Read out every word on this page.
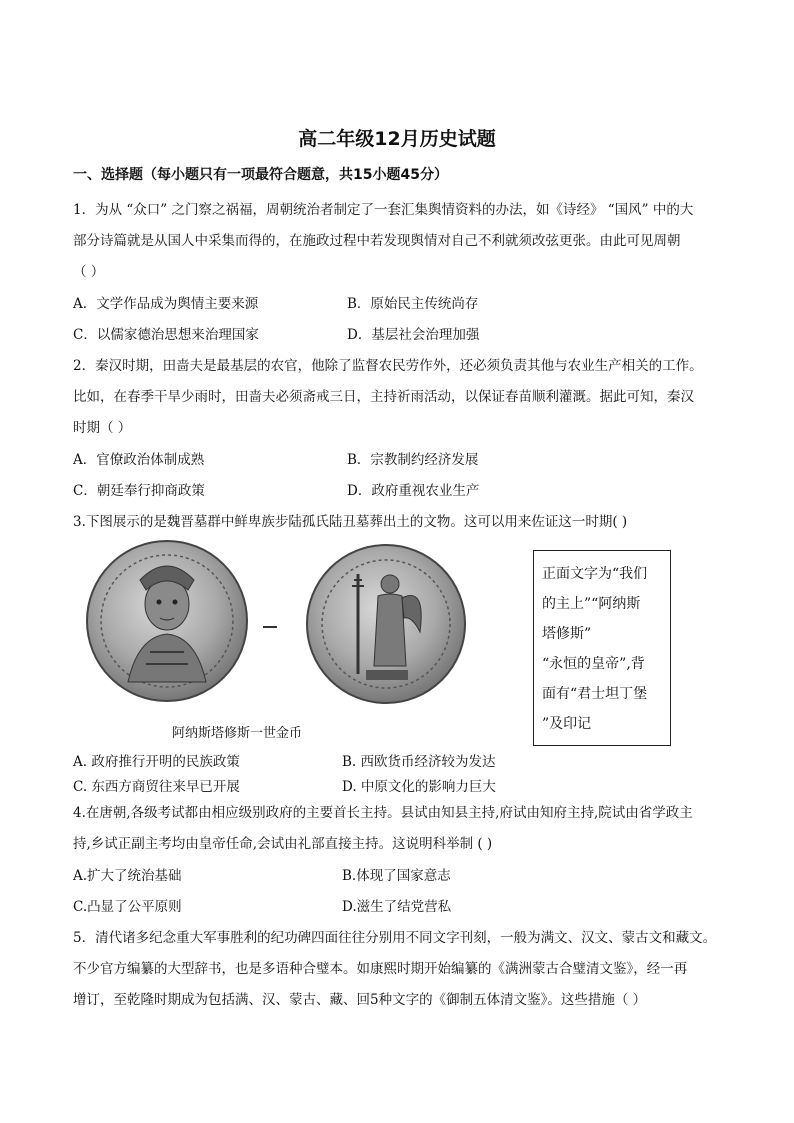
高二年级12月历史试题
一、选择题（每小题只有一项最符合题意，共15小题45分）
1．为从 “众口” 之门察之祸福，周朝统治者制定了一套汇集舆情资料的办法，如《诗经》 “国风” 中的大
部分诗篇就是从国人中采集而得的，在施政过程中若发现舆情对自己不利就须改弦更张。由此可见周朝
（ ）
A．文学作品成为舆情主要来源	B．原始民主传统尚存
C．以儒家德治思想来治理国家	D．基层社会治理加强
2．秦汉时期，田啬夫是最基层的农官，他除了监督农民劳作外，还必须负责其他与农业生产相关的工作。
比如，在春季干旱少雨时，田啬夫必须斋戒三日，主持祈雨活动，以保证春苗顺利灌溉。据此可知，秦汉
时期（ ）
A．官僚政治体制成熟	B．宗教制约经济发展
C．朝廷奉行抑商政策	D．政府重视农业生产
3.下图展示的是魏晋墓群中鲜卑族步陆孤氏陆丑墓葬出土的文物。这可以用来佐证这一时期( )
阿纳斯塔修斯一世金币
正面文字为“我们
的主上”“阿纳斯
塔修斯”
“永恒的皇帝”,背
面有“君士坦丁堡
”及印记
A. 政府推行开明的民族政策	B. 西欧货币经济较为发达
C. 东西方商贸往来早已开展	D. 中原文化的影响力巨大
4.在唐朝,各级考试都由相应级别政府的主要首长主持。县试由知县主持,府试由知府主持,院试由省学政主
持,乡试正副主考均由皇帝任命,会试由礼部直接主持。这说明科举制 ( )
A.扩大了统治基础	B.体现了国家意志
C.凸显了公平原则	D.滋生了结党营私
5．清代诸多纪念重大军事胜利的纪功碑四面往往分别用不同文字刊刻，一般为满文、汉文、蒙古文和藏文。
不少官方编纂的大型辞书，也是多语种合璧本。如康熙时期开始编纂的《满洲蒙古合璧清文鉴》，经一再
增订，至乾隆时期成为包括满、汉、蒙古、藏、回5种文字的《御制五体清文鉴》。这些措施（ ）
